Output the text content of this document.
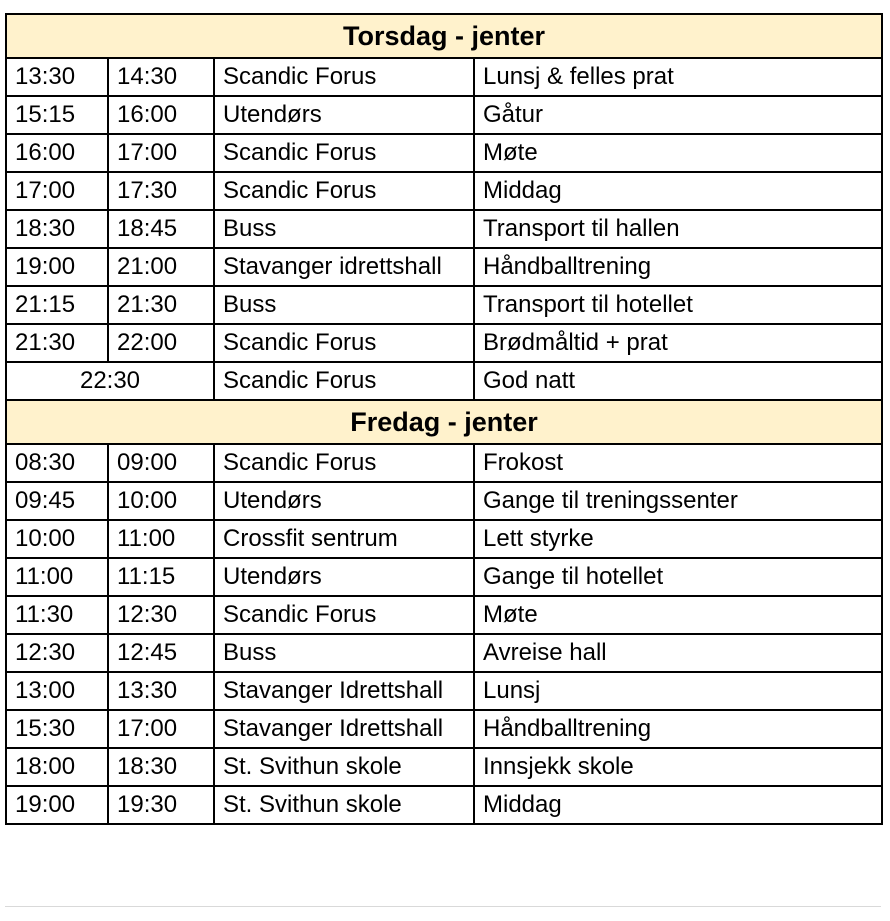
Torsdag - jenter			
13:30	14:30	Scandic Forus	Lunsj & felles prat
15:15	16:00	Utendørs	Gåtur
16:00	17:00	Scandic Forus	Møte
17:00	17:30	Scandic Forus	Middag
18:30	18:45	Buss	Transport til hallen
19:00	21:00	Stavanger idrettshall	Håndballtrening
21:15	21:30	Buss	Transport til hotellet
21:30	22:00	Scandic Forus	Brødmåltid + prat
22:30		Scandic Forus	God natt
Fredag - jenter			
08:30	09:00	Scandic Forus	Frokost
09:45	10:00	Utendørs	Gange til treningssenter
10:00	11:00	Crossfit sentrum	Lett styrke
11:00	11:15	Utendørs	Gange til hotellet
11:30	12:30	Scandic Forus	Møte
12:30	12:45	Buss	Avreise hall
13:00	13:30	Stavanger Idrettshall	Lunsj
15:30	17:00	Stavanger Idrettshall	Håndballtrening
18:00	18:30	St. Svithun skole	Innsjekk skole
19:00	19:30	St. Svithun skole	Middag
